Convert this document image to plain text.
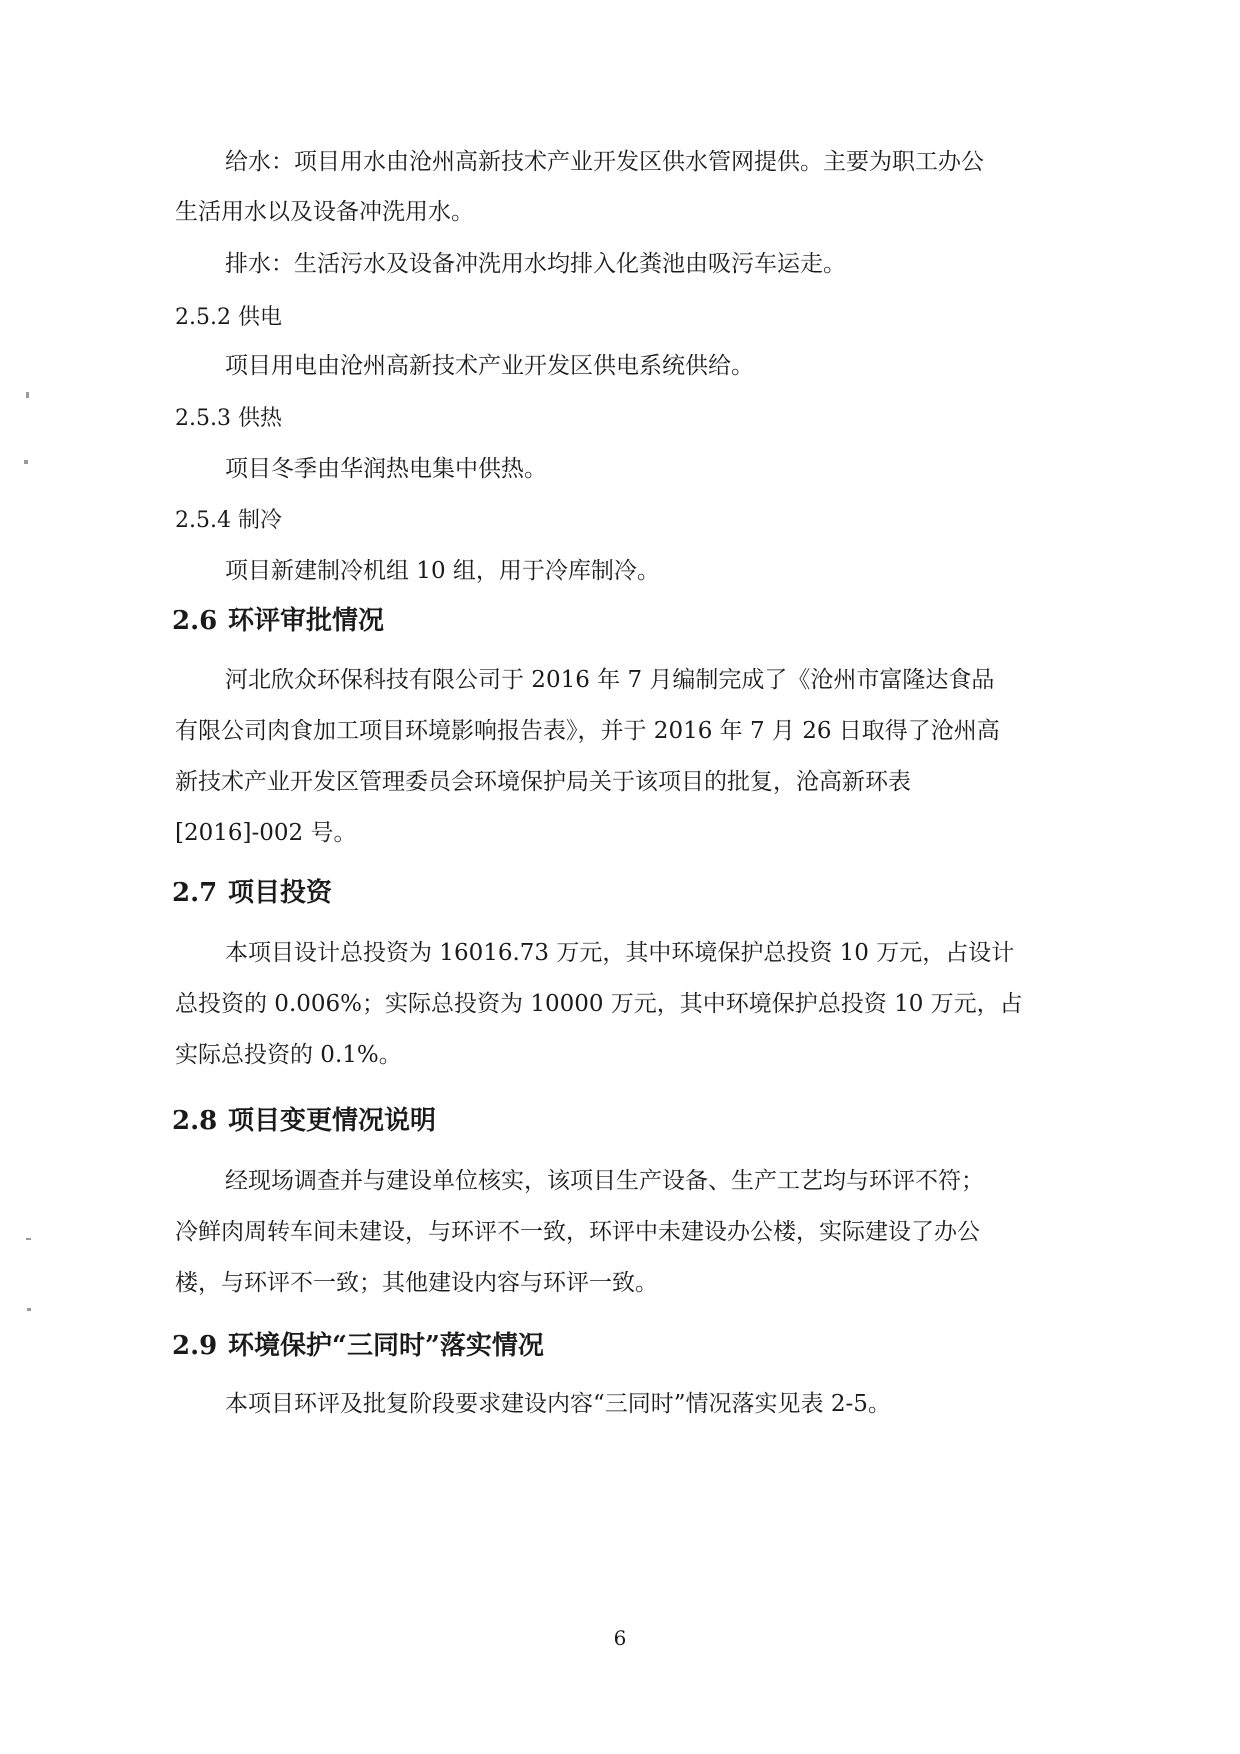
给水：项目用水由沧州高新技术产业开发区供水管网提供。主要为职工办公
生活用水以及设备冲洗用水。
排水：生活污水及设备冲洗用水均排入化粪池由吸污车运走。
2.5.2 供电
项目用电由沧州高新技术产业开发区供电系统供给。
2.5.3 供热
项目冬季由华润热电集中供热。
2.5.4 制冷
项目新建制冷机组 10 组，用于冷库制冷。
2.6 环评审批情况
河北欣众环保科技有限公司于 2016 年 7 月编制完成了《沧州市富隆达食品
有限公司肉食加工项目环境影响报告表》，并于 2016 年 7 月 26 日取得了沧州高
新技术产业开发区管理委员会环境保护局关于该项目的批复，沧高新环表
[2016]-002 号。
2.7 项目投资
本项目设计总投资为 16016.73 万元，其中环境保护总投资 10 万元，占设计
总投资的 0.006%；实际总投资为 10000 万元，其中环境保护总投资 10 万元，占
实际总投资的 0.1%。
2.8 项目变更情况说明
经现场调查并与建设单位核实，该项目生产设备、生产工艺均与环评不符；
冷鲜肉周转车间未建设，与环评不一致，环评中未建设办公楼，实际建设了办公
楼，与环评不一致；其他建设内容与环评一致。
2.9 环境保护“三同时”落实情况
本项目环评及批复阶段要求建设内容“三同时”情况落实见表 2-5。
6
